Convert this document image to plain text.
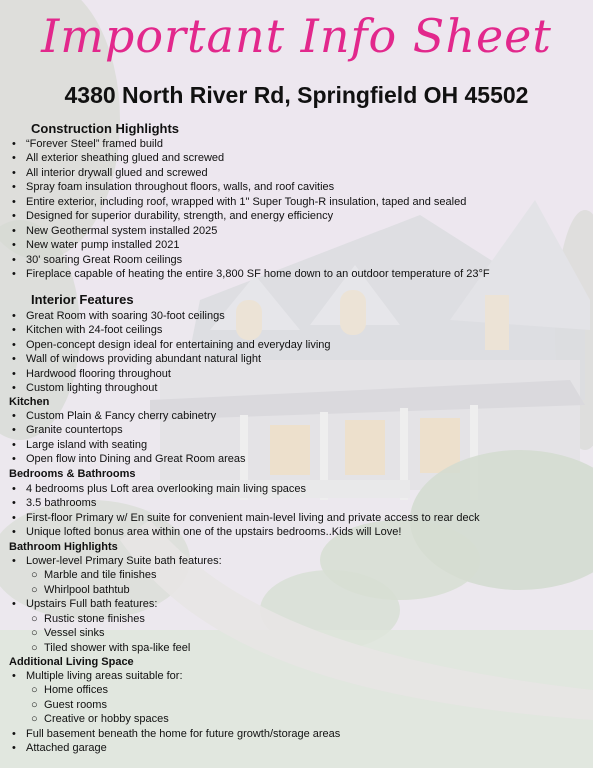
Important Info Sheet
4380 North River Rd, Springfield OH 45502
Construction Highlights
• “Forever Steel” framed build
• All exterior sheathing glued and screwed
• All interior drywall glued and screwed
• Spray foam insulation throughout floors, walls, and roof cavities
• Entire exterior, including roof, wrapped with 1" Super Tough-R insulation, taped and sealed
• Designed for superior durability, strength, and energy efficiency
• New Geothermal system installed 2025
• New water pump installed 2021
• 30' soaring Great Room ceilings
• Fireplace capable of heating the entire 3,800 SF home down to an outdoor temperature of 23°F
Interior Features
• Great Room with soaring 30-foot ceilings
• Kitchen with 24-foot ceilings
• Open-concept design ideal for entertaining and everyday living
• Wall of windows providing abundant natural light
• Hardwood flooring throughout
• Custom lighting throughout
Kitchen
• Custom Plain & Fancy cherry cabinetry
• Granite countertops
• Large island with seating
• Open flow into Dining and Great Room areas
Bedrooms & Bathrooms
• 4 bedrooms plus Loft area overlooking main living spaces
• 3.5 bathrooms
• First-floor Primary w/ En suite for convenient main-level living and private access to rear deck
• Unique lofted bonus area within one of the upstairs bedrooms..Kids will Love!
Bathroom Highlights
• Lower-level Primary Suite bath features:
○ Marble and tile finishes
○ Whirlpool bathtub
• Upstairs Full bath features:
○ Rustic stone finishes
○ Vessel sinks
○ Tiled shower with spa-like feel
Additional Living Space
• Multiple living areas suitable for:
○ Home offices
○ Guest rooms
○ Creative or hobby spaces
• Full basement beneath the home for future growth/storage areas
• Attached garage
